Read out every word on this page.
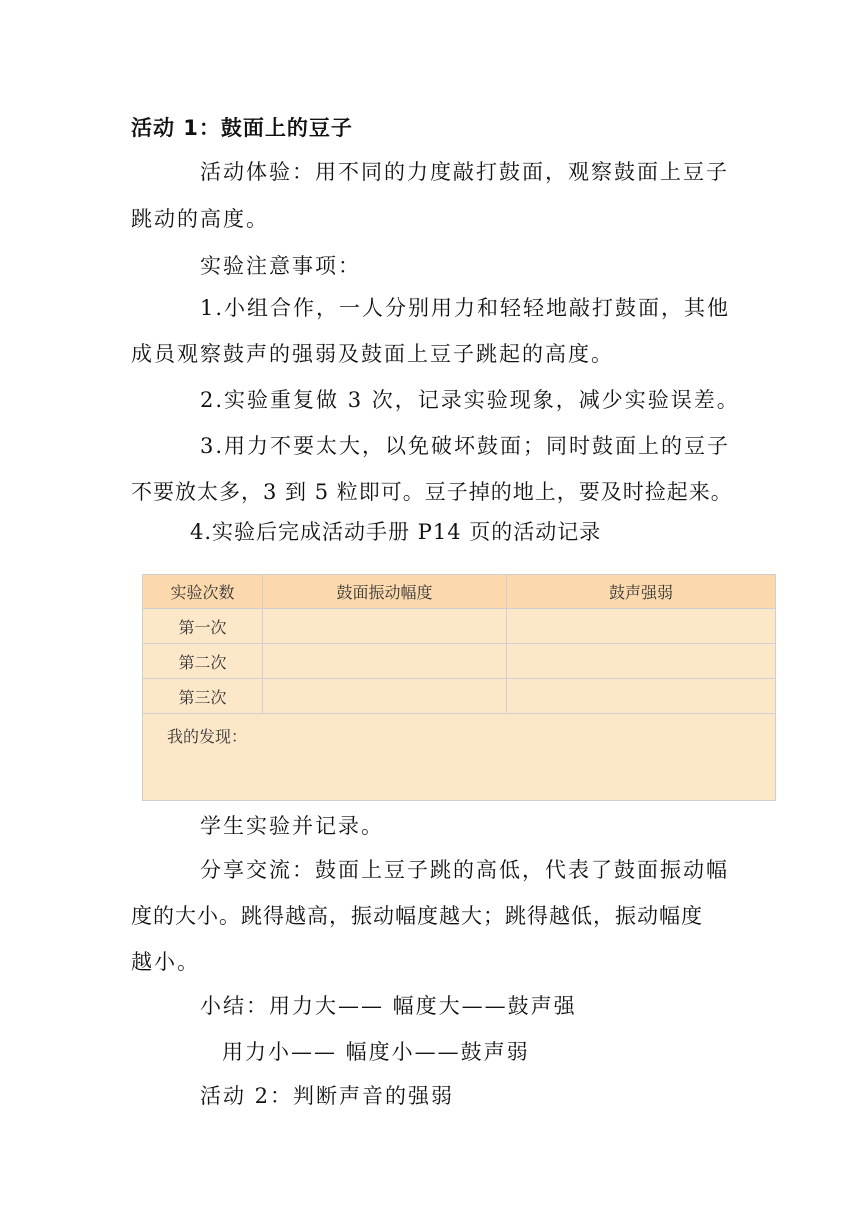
活动 1：鼓面上的豆子
活动体验：用不同的力度敲打鼓面，观察鼓面上豆子
跳动的高度。
实验注意事项：
1.小组合作，一人分别用力和轻轻地敲打鼓面，其他
成员观察鼓声的强弱及鼓面上豆子跳起的高度。
2.实验重复做 3 次，记录实验现象，减少实验误差。
3.用力不要太大，以免破坏鼓面；同时鼓面上的豆子
不要放太多，3 到 5 粒即可。豆子掉的地上，要及时捡起来。
4.实验后完成活动手册 P14 页的活动记录
实验次数	鼓面振动幅度	鼓声强弱
第一次		
第二次		
第三次		
我的发现：		
学生实验并记录。
分享交流：鼓面上豆子跳的高低，代表了鼓面振动幅
度的大小。跳得越高，振动幅度越大；跳得越低，振动幅度
越小。
小结：用力大—— 幅度大——鼓声强
用力小—— 幅度小——鼓声弱
活动 2：判断声音的强弱
